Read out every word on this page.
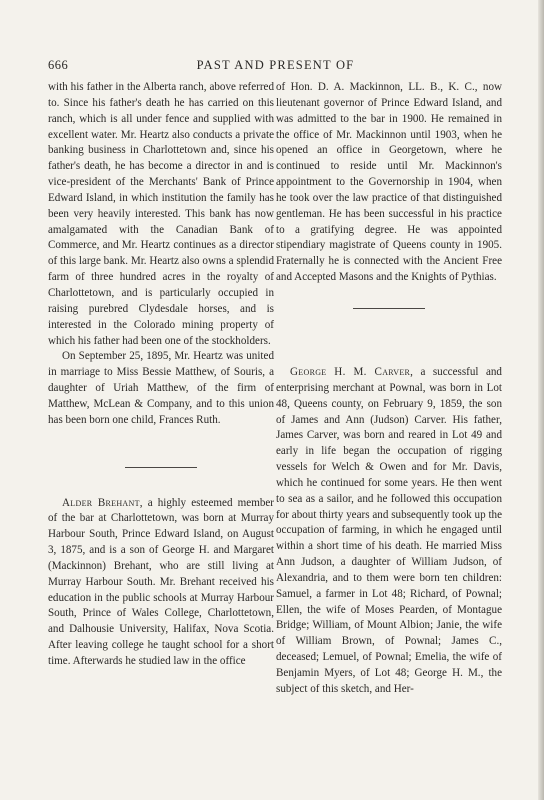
666	PAST AND PRESENT OF

with his father in the Alberta ranch, above referred to. Since his father's death he has carried on this ranch, which is all under fence and supplied with excellent water. Mr. Heartz also conducts a private banking business in Charlottetown and, since his father's death, he has become a director in and is vice-president of the Merchants' Bank of Prince Edward Island, in which institution the family has been very heavily interested. This bank has now amalgamated with the Canadian Bank of Commerce, and Mr. Heartz continues as a director of this large bank. Mr. Heartz also owns a splendid farm of three hundred acres in the royalty of Charlottetown, and is particularly occupied in raising purebred Clydesdale horses, and is interested in the Colorado mining property of which his father had been one of the stockholders.

On September 25, 1895, Mr. Heartz was united in marriage to Miss Bessie Matthew, of Souris, a daughter of Uriah Matthew, of the firm of Matthew, McLean & Company, and to this union has been born one child, Frances Ruth.

Alder Brehant, a highly esteemed member of the bar at Charlottetown, was born at Murray Harbour South, Prince Edward Island, on August 3, 1875, and is a son of George H. and Margaret (Mackinnon) Brehant, who are still living at Murray Harbour South. Mr. Brehant received his education in the public schools at Murray Harbour South, Prince of Wales College, Charlottetown, and Dalhousie University, Halifax, Nova Scotia. After leaving college he taught school for a short time. Afterwards he studied law in the office

of Hon. D. A. Mackinnon, LL. B., K. C., now lieutenant governor of Prince Edward Island, and was admitted to the bar in 1900. He remained in the office of Mr. Mackinnon until 1903, when he opened an office in Georgetown, where he continued to reside until Mr. Mackinnon's appointment to the Governorship in 1904, when he took over the law practice of that distinguished gentleman. He has been successful in his practice to a gratifying degree. He was appointed stipendiary magistrate of Queens county in 1905. Fraternally he is connected with the Ancient Free and Accepted Masons and the Knights of Pythias.

George H. M. Carver, a successful and enterprising merchant at Pownal, was born in Lot 48, Queens county, on February 9, 1859, the son of James and Ann (Judson) Carver. His father, James Carver, was born and reared in Lot 49 and early in life began the occupation of rigging vessels for Welch & Owen and for Mr. Davis, which he continued for some years. He then went to sea as a sailor, and he followed this occupation for about thirty years and subsequently took up the occupation of farming, in which he engaged until within a short time of his death. He married Miss Ann Judson, a daughter of William Judson, of Alexandria, and to them were born ten children: Samuel, a farmer in Lot 48; Richard, of Pownal; Ellen, the wife of Moses Pearden, of Montague Bridge; William, of Mount Albion; Janie, the wife of William Brown, of Pownal; James C., deceased; Lemuel, of Pownal; Emelia, the wife of Benjamin Myers, of Lot 48; George H. M., the subject of this sketch, and Her-
